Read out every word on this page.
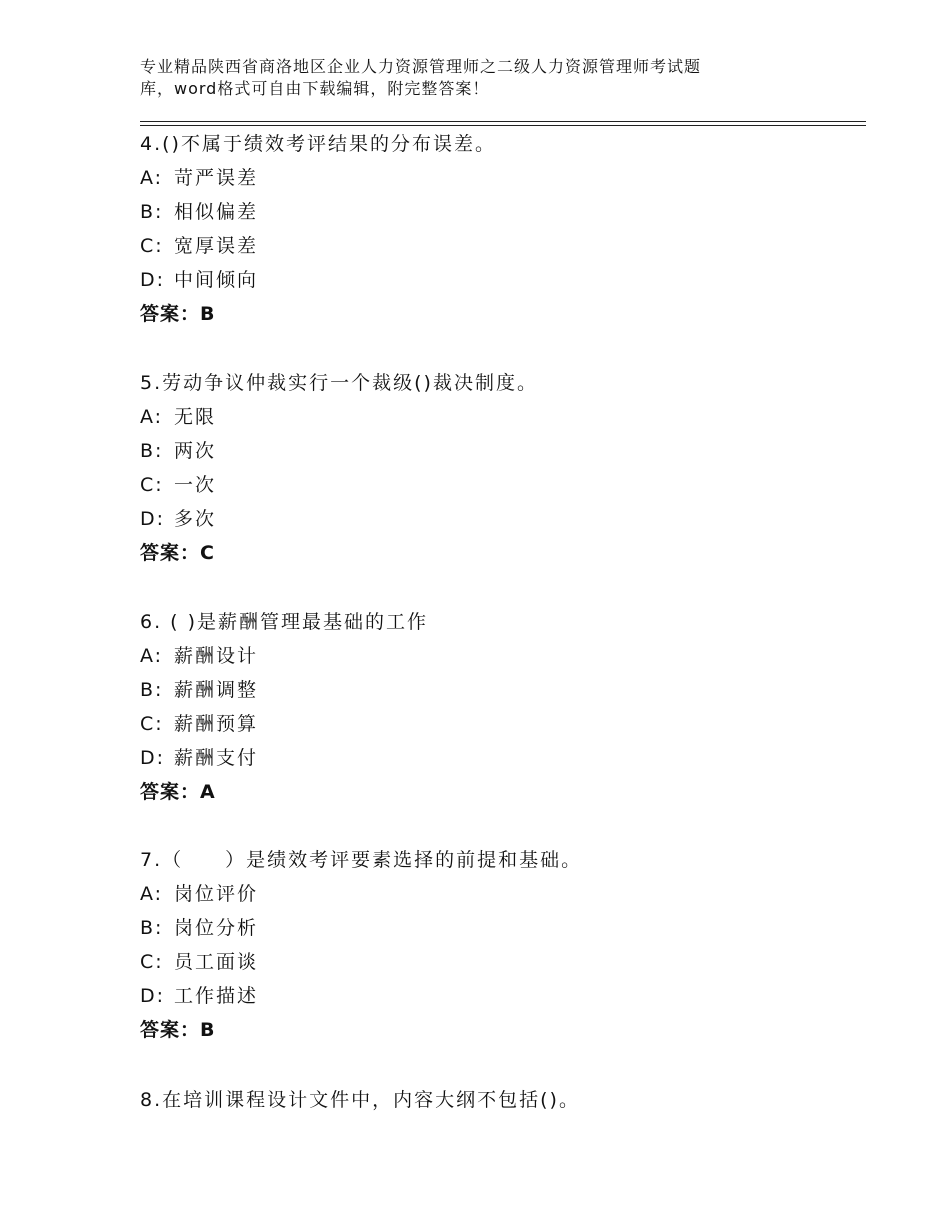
专业精品陕西省商洛地区企业人力资源管理师之二级人力资源管理师考试题
库，word格式可自由下载编辑，附完整答案！
4.()不属于绩效考评结果的分布误差。
A: 苛严误差
B: 相似偏差
C: 宽厚误差
D: 中间倾向
答案：B
5.劳动争议仲裁实行一个裁级()裁决制度。
A: 无限
B: 两次
C: 一次
D: 多次
答案：C
6. ( )是薪酬管理最基础的工作
A: 薪酬设计
B: 薪酬调整
C: 薪酬预算
D: 薪酬支付
答案：A
7.（　　）是绩效考评要素选择的前提和基础。
A: 岗位评价
B: 岗位分析
C: 员工面谈
D: 工作描述
答案：B
8.在培训课程设计文件中，内容大纲不包括()。
